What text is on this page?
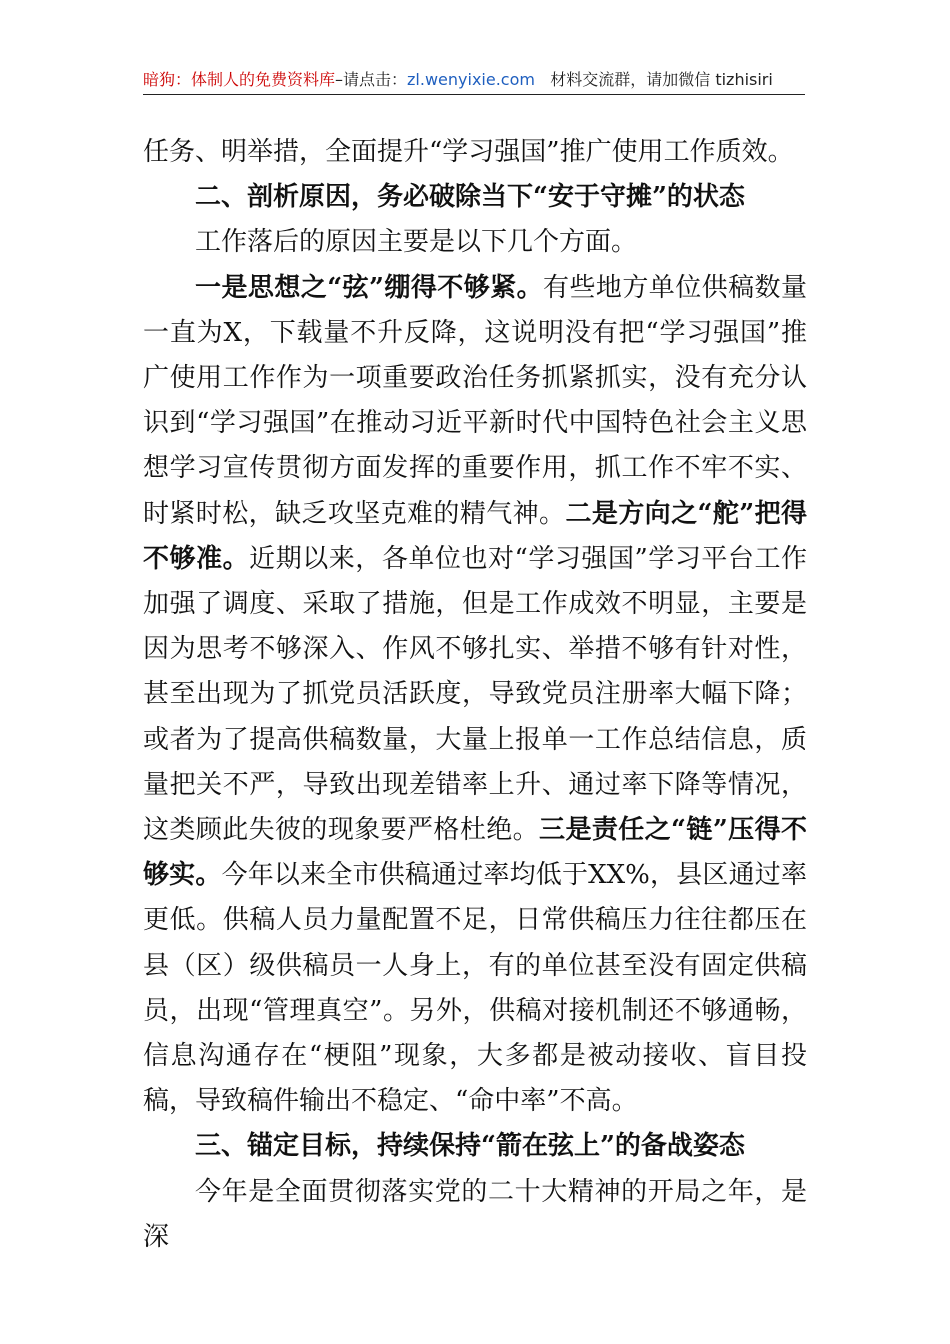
暗狗：体制人的免费资料库–请点击：zl.wenyixie.com 材料交流群，请加微信 tizhisiri

任务、明举措，全面提升“学习强国”推广使用工作质效。

二、剖析原因，务必破除当下“安于守摊”的状态

工作落后的原因主要是以下几个方面。

一是思想之“弦”绷得不够紧。有些地方单位供稿数量一直为X，下载量不升反降，这说明没有把“学习强国”推广使用工作作为一项重要政治任务抓紧抓实，没有充分认识到“学习强国”在推动习近平新时代中国特色社会主义思想学习宣传贯彻方面发挥的重要作用，抓工作不牢不实、时紧时松，缺乏攻坚克难的精气神。二是方向之“舵”把得不够准。近期以来，各单位也对“学习强国”学习平台工作加强了调度、采取了措施，但是工作成效不明显，主要是因为思考不够深入、作风不够扎实、举措不够有针对性，甚至出现为了抓党员活跃度，导致党员注册率大幅下降；或者为了提高供稿数量，大量上报单一工作总结信息，质量把关不严，导致出现差错率上升、通过率下降等情况，这类顾此失彼的现象要严格杜绝。三是责任之“链”压得不够实。今年以来全市供稿通过率均低于XX%，县区通过率更低。供稿人员力量配置不足，日常供稿压力往往都压在县（区）级供稿员一人身上，有的单位甚至没有固定供稿员，出现“管理真空”。另外，供稿对接机制还不够通畅，信息沟通存在“梗阻”现象，大多都是被动接收、盲目投稿，导致稿件输出不稳定、“命中率”不高。

三、锚定目标，持续保持“箭在弦上”的备战姿态

今年是全面贯彻落实党的二十大精神的开局之年，是深
